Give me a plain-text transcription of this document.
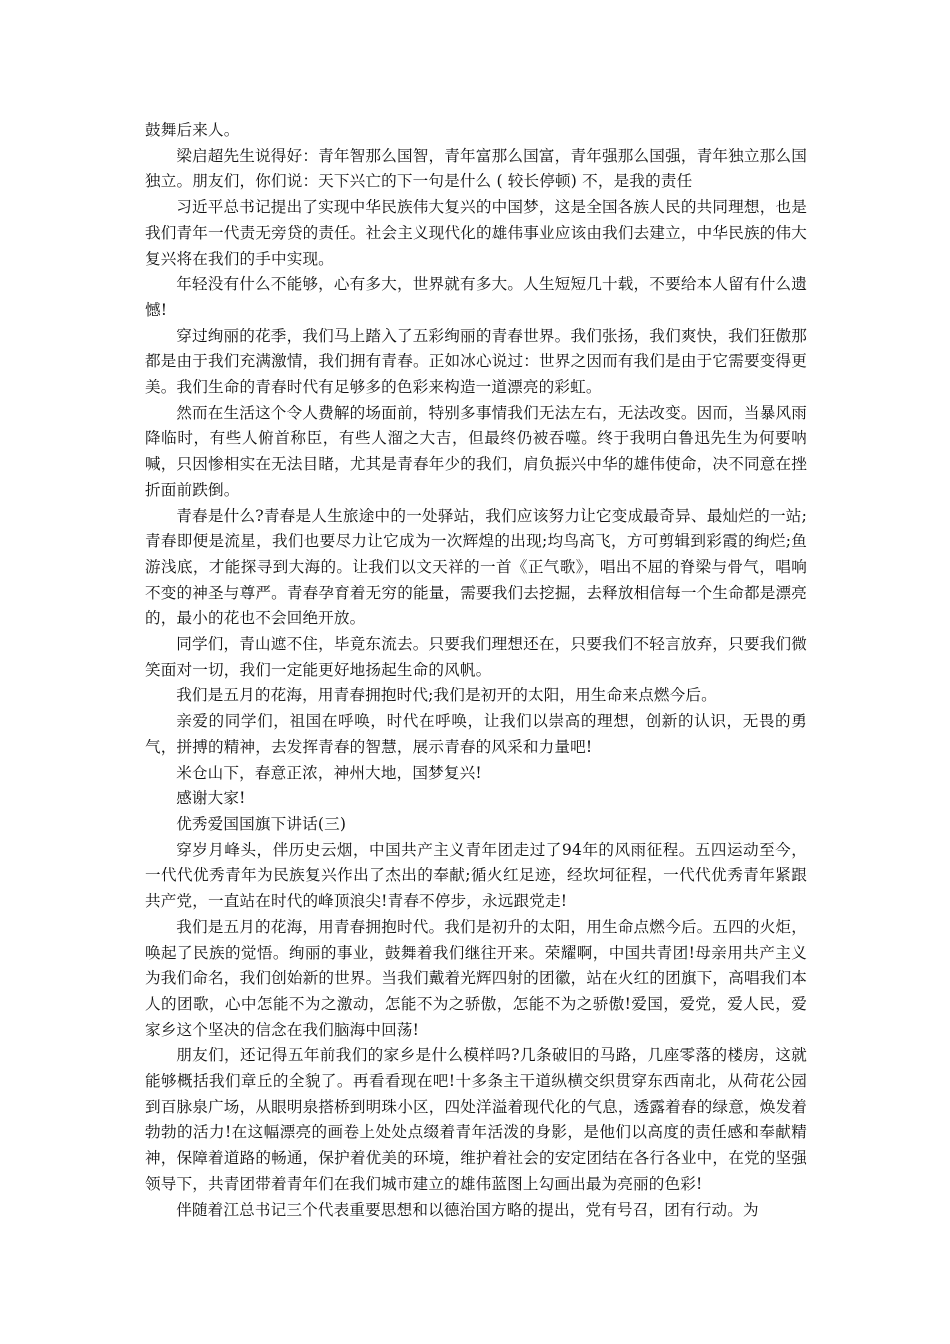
鼓舞后来人。

梁启超先生说得好：青年智那么国智，青年富那么国富，青年强那么国强，青年独立那么国独立。朋友们，你们说：天下兴亡的下一句是什么 ( 较长停顿) 不，是我的责任

习近平总书记提出了实现中华民族伟大复兴的中国梦，这是全国各族人民的共同理想，也是我们青年一代责无旁贷的责任。社会主义现代化的雄伟事业应该由我们去建立，中华民族的伟大复兴将在我们的手中实现。

年轻没有什么不能够，心有多大，世界就有多大。人生短短几十载，不要给本人留有什么遗憾!

穿过绚丽的花季，我们马上踏入了五彩绚丽的青春世界。我们张扬，我们爽快，我们狂傲那都是由于我们充满激情，我们拥有青春。正如冰心说过：世界之因而有我们是由于它需要变得更美。我们生命的青春时代有足够多的色彩来构造一道漂亮的彩虹。

然而在生活这个令人费解的场面前，特别多事情我们无法左右，无法改变。因而，当暴风雨降临时，有些人俯首称臣，有些人溜之大吉，但最终仍被吞噬。终于我明白鲁迅先生为何要呐喊，只因惨相实在无法目睹，尤其是青春年少的我们，肩负振兴中华的雄伟使命，决不同意在挫折面前跌倒。

青春是什么?青春是人生旅途中的一处驿站，我们应该努力让它变成最奇异、最灿烂的一站;青春即便是流星，我们也要尽力让它成为一次辉煌的出现;均鸟高飞，方可剪辑到彩霞的绚烂;鱼游浅底，才能探寻到大海的。让我们以文天祥的一首《正气歌》，唱出不屈的脊梁与骨气，唱响不变的神圣与尊严。青春孕育着无穷的能量，需要我们去挖掘，去释放相信每一个生命都是漂亮的，最小的花也不会回绝开放。

同学们，青山遮不住，毕竟东流去。只要我们理想还在，只要我们不轻言放弃，只要我们微笑面对一切，我们一定能更好地扬起生命的风帆。

我们是五月的花海，用青春拥抱时代;我们是初开的太阳，用生命来点燃今后。

亲爱的同学们，祖国在呼唤，时代在呼唤，让我们以崇高的理想，创新的认识，无畏的勇气，拼搏的精神，去发挥青春的智慧，展示青春的风采和力量吧!

米仓山下，春意正浓，神州大地，国梦复兴!

感谢大家!

优秀爱国国旗下讲话(三)

穿岁月峰头，伴历史云烟，中国共产主义青年团走过了94年的风雨征程。五四运动至今，一代代优秀青年为民族复兴作出了杰出的奉献;循火红足迹，经坎坷征程，一代代优秀青年紧跟共产党，一直站在时代的峰顶浪尖!青春不停步，永远跟党走!

我们是五月的花海，用青春拥抱时代。我们是初升的太阳，用生命点燃今后。五四的火炬，唤起了民族的觉悟。绚丽的事业，鼓舞着我们继往开来。荣耀啊，中国共青团!母亲用共产主义为我们命名，我们创始新的世界。当我们戴着光辉四射的团徽，站在火红的团旗下，高唱我们本人的团歌，心中怎能不为之激动，怎能不为之骄傲，怎能不为之骄傲!爱国，爱党，爱人民，爱家乡这个坚决的信念在我们脑海中回荡!

朋友们，还记得五年前我们的家乡是什么模样吗?几条破旧的马路，几座零落的楼房，这就能够概括我们章丘的全貌了。再看看现在吧!十多条主干道纵横交织贯穿东西南北，从荷花公园到百脉泉广场，从眼明泉搭桥到明珠小区，四处洋溢着现代化的气息，透露着春的绿意，焕发着勃勃的活力!在这幅漂亮的画卷上处处点缀着青年活泼的身影，是他们以高度的责任感和奉献精神，保障着道路的畅通，保护着优美的环境，维护着社会的安定团结在各行各业中，在党的坚强领导下，共青团带着青年们在我们城市建立的雄伟蓝图上勾画出最为亮丽的色彩!

伴随着江总书记三个代表重要思想和以德治国方略的提出，党有号召，团有行动。为
